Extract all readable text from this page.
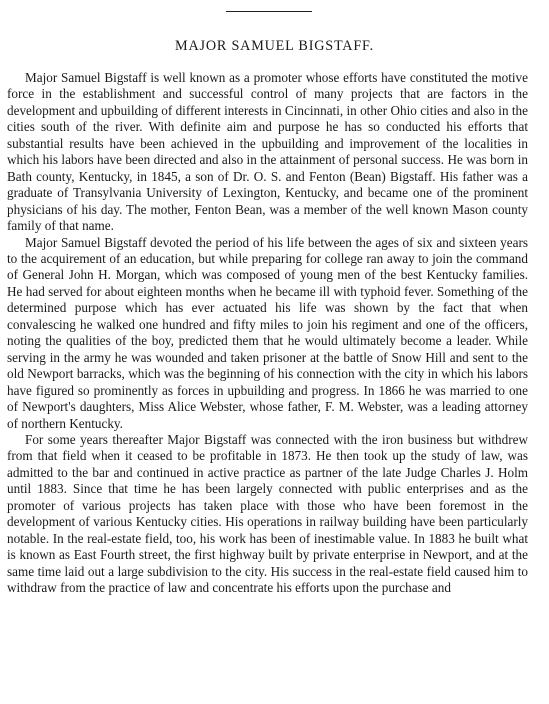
MAJOR SAMUEL BIGSTAFF.

Major Samuel Bigstaff is well known as a promoter whose efforts have constituted the motive force in the establishment and successful control of many projects that are factors in the development and upbuilding of different interests in Cincinnati, in other Ohio cities and also in the cities south of the river. With definite aim and purpose he has so conducted his efforts that substantial results have been achieved in the upbuilding and improvement of the localities in which his labors have been directed and also in the attainment of personal success. He was born in Bath county, Kentucky, in 1845, a son of Dr. O. S. and Fenton (Bean) Bigstaff. His father was a graduate of Transylvania University of Lexington, Kentucky, and became one of the prominent physicians of his day. The mother, Fenton Bean, was a member of the well known Mason county family of that name.

Major Samuel Bigstaff devoted the period of his life between the ages of six and sixteen years to the acquirement of an education, but while preparing for college ran away to join the command of General John H. Morgan, which was composed of young men of the best Kentucky families. He had served for about eighteen months when he became ill with typhoid fever. Something of the determined purpose which has ever actuated his life was shown by the fact that when convalescing he walked one hundred and fifty miles to join his regiment and one of the officers, noting the qualities of the boy, predicted them that he would ultimately become a leader. While serving in the army he was wounded and taken prisoner at the battle of Snow Hill and sent to the old Newport barracks, which was the beginning of his connection with the city in which his labors have figured so prominently as forces in upbuilding and progress. In 1866 he was married to one of Newport's daughters, Miss Alice Webster, whose father, F. M. Webster, was a leading attorney of northern Kentucky.

For some years thereafter Major Bigstaff was connected with the iron business but withdrew from that field when it ceased to be profitable in 1873. He then took up the study of law, was admitted to the bar and continued in active practice as partner of the late Judge Charles J. Holm until 1883. Since that time he has been largely connected with public enterprises and as the promoter of various projects has taken place with those who have been foremost in the development of various Kentucky cities. His operations in railway building have been particularly notable. In the real-estate field, too, his work has been of inestimable value. In 1883 he built what is known as East Fourth street, the first highway built by private enterprise in Newport, and at the same time laid out a large subdivision to the city. His success in the real-estate field caused him to withdraw from the practice of law and concentrate his efforts upon the purchase and
